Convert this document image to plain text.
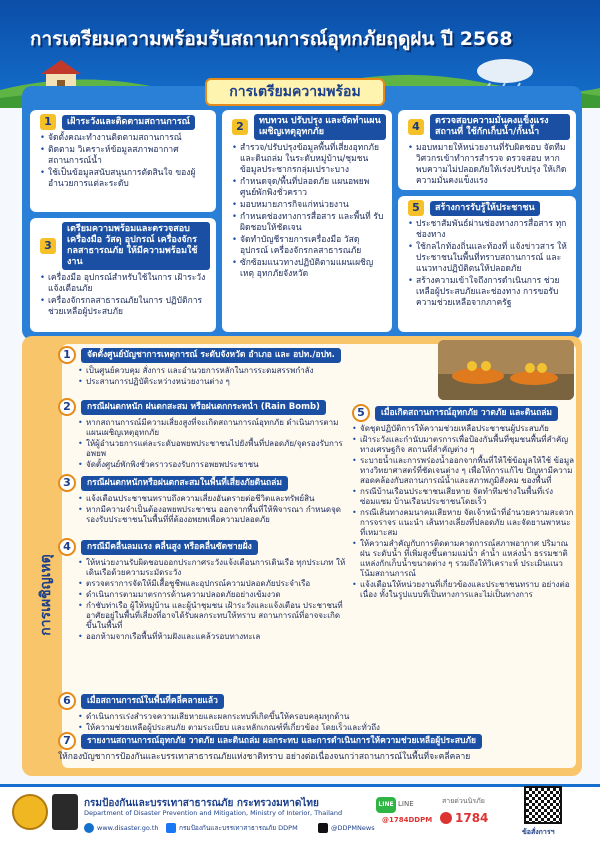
การเตรียมความพร้อมรับสถานการณ์อุทกภัยฤดูฝน ปี 2568
การเตรียมความพร้อม
1	เฝ้าระวังและติดตามสถานการณ์
• จัดตั้งคณะทำงานติดตามสถานการณ์
• ติดตาม วิเคราะห์ข้อมูลสภาพอากาศ สถานการณ์น้ำ
• ใช้เป็นข้อมูลสนับสนุนการตัดสินใจ ของผู้อำนวยการแต่ละระดับ
2	ทบทวน ปรับปรุง และจัดทำแผนเผชิญเหตุอุทกภัย
• สำรวจ/ปรับปรุงข้อมูลพื้นที่เสี่ยงอุทกภัย และดินถล่ม ในระดับหมู่บ้าน/ชุมชน ข้อมูลประชากรกลุ่มเปราะบาง
• กำหนดจุด/พื้นที่ปลอดภัย แผนอพยพ ศูนย์พักพิงชั่วคราว
• มอบหมายภารกิจแก่หน่วยงาน
• กำหนดช่องทางการสื่อสาร และพื้นที่ รับผิดชอบให้ชัดเจน
• จัดทำบัญชีรายการเครื่องมือ วัสดุ อุปกรณ์ เครื่องจักรกลสาธารณภัย
• ซักซ้อมแนวทางปฏิบัติตามแผนเผชิญเหตุ อุทกภัยจังหวัด
3
เตรียมความพร้อมและตรวจสอบเครื่องมือ วัสดุ อุปกรณ์ เครื่องจักรกลสาธารณภัย ให้มีความพร้อมใช้งาน
• เครื่องมือ อุปกรณ์สำหรับใช้ในการ เฝ้าระวังแจ้งเตือนภัย
• เครื่องจักรกลสาธารณภัยในการ ปฏิบัติการช่วยเหลือผู้ประสบภัย
4	ตรวจสอบความมั่นคงแข็งแรงสถานที่ ใช้กักเก็บน้ำ/กั้นน้ำ
• มอบหมายให้หน่วยงานที่รับผิดชอบ จัดทีมวิศวกรเข้าทำการสำรวจ ตรวจสอบ หากพบความไม่ปลอดภัยให้เร่งปรับปรุง ให้เกิดความมั่นคงแข็งแรง
5	สร้างการรับรู้ให้ประชาชน
• ประชาสัมพันธ์ผ่านช่องทางการสื่อสาร ทุกช่องทาง
• ใช้กลไกท้องถิ่นและท้องที่ แจ้งข่าวสาร ให้ประชาชนในพื้นที่ทราบสถานการณ์ และแนวทางปฏิบัติตนให้ปลอดภัย
• สร้างความเข้าใจถึงการดำเนินการ ช่วยเหลือผู้ประสบภัยและช่องทาง การขอรับความช่วยเหลือจากภาครัฐ
การเผชิญเหตุ
1	จัดตั้งศูนย์บัญชาการเหตุการณ์ ระดับจังหวัด อำเภอ และ อปท./อปท.
• เป็นศูนย์ควบคุม สั่งการ และอำนวยการหลักในการระดมสรรพกำลัง
• ประสานการปฏิบัติระหว่างหน่วยงานต่าง ๆ
2	กรณีฝนตกหนัก ฝนตกสะสม หรือฝนตกกระหน่ำ (Rain Bomb)
• หากสถานการณ์มีความเสี่ยงสูงที่จะเกิดสถานการณ์อุทกภัย ดำเนินการตามแผนเผชิญเหตุอุทกภัย
• ให้ผู้อำนวยการแต่ละระดับอพยพประชาชนไปยังพื้นที่ปลอดภัย/จุดรองรับการอพยพ
• จัดตั้งศูนย์พักพิงชั่วคราวรองรับการอพยพประชาชน
3	กรณีฝนตกหนักหรือฝนตกสะสมในพื้นที่เสี่ยงภัยดินถล่ม
• แจ้งเตือนประชาชนทราบถึงความเสี่ยงอันตรายต่อชีวิตและทรัพย์สิน
• หากมีความจำเป็นต้องอพยพประชาชน ออกจากพื้นที่ให้พิจารณา กำหนดจุดรองรับประชาชนในพื้นที่ที่ต้องอพยพเพื่อความปลอดภัย
4	กรณีมีคลื่นลมแรง คลื่นสูง หรือคลื่นซัดชายฝั่ง
• ให้หน่วยงานรับผิดชอบออกประกาศระวังแจ้งเตือนการเดินเรือ ทุกประเภท ให้เดินเรือด้วยความระมัดระวัง
• ตรวจตราการจัดให้มีเสื้อชูชีพและอุปกรณ์ความปลอดภัยประจำเรือ
• ดำเนินการตามมาตรการด้านความปลอดภัยอย่างเข้มงวด
• กำชับท่าเรือ ผู้ให้หมู่บ้าน และผู้นำชุมชน เฝ้าระวังและแจ้งเตือน ประชาชนที่อาศัยอยู่ในพื้นที่เสี่ยงที่อาจได้รับผลกระทบให้ทราบ สถานการณ์ที่อาจจะเกิดขึ้นในพื้นที่
• ออกห้ามจากเรือพื้นที่ห้ามฝังและแคล้วรอบทางทะเล
5	เมื่อเกิดสถานการณ์อุทกภัย วาตภัย และดินถล่ม
• จัดชุดปฏิบัติการให้ความช่วยเหลือประชาชนผู้ประสบภัย
• เฝ้าระวังและกำนับมาตรการเพื่อป้องกันพื้นที่ชุมชนพื้นที่สำคัญ ทางเศรษฐกิจ สถานที่สำคัญต่าง ๆ
• ระบายน้ำและการพร่องน้ำออกจากพื้นที่ให้ใช้ข้อมูลให้ใช้ ข้อมูลทางวิทยาศาสตร์ที่ชัดเจนต่าง ๆ เพื่อให้การแก้ไข ปัญหามีความสอดคล้องกับสถานการณ์น้ำและสภาพภูมิสังคม ของพื้นที่
• กรณีบ้านเรือนประชาชนเสียหาย จัดทำทีมช่างในพื้นที่เร่งซ่อมแซม บ้านเรือนประชาชนโดยเร็ว
• กรณีเส้นทางคมนาคมเสียหาย จัดเจ้าหน้าที่อำนวยความสะดวก การจราจร แนะนำ เส้นทางเลี่ยงที่ปลอดภัย และจัดยานพาหนะ ที่เหมาะสม
• ให้ความสำคัญกับการติดตามคาดการณ์สภาพอากาศ ปริมาณฝน ระดับน้ำ ที่เพิ่มสูงขึ้นตามแม่น้ำ ลำน้ำ แหล่งน้ำ ธรรมชาติ แหล่งกักเก็บน้ำขนาดต่าง ๆ รวมถึงให้วิเคราะห์ ประเมินแนวโน้มสถานการณ์
• แจ้งเตือนให้หน่วยงานที่เกี่ยวข้องและประชาชนทราบ อย่างต่อเนื่อง ทั้งในรูปแบบที่เป็นทางการและไม่เป็นทางการ
6	เมื่อสถานการณ์ในพื้นที่คลี่คลายแล้ว
• ดำเนินการเร่งสำรวจความเสียหายและผลกระทบที่เกิดขึ้นให้ครอบคลุมทุกด้าน
• ให้ความช่วยเหลือผู้ประสบภัย ตามระเบียบ และหลักเกณฑ์ที่เกี่ยวข้อง โดยเร็วและทั่วถึง
7	รายงานสถานการณ์อุทกภัย วาตภัย และดินถล่ม ผลกระทบ และการดำเนินการให้ความช่วยเหลือผู้ประสบภัย
ให้กองบัญชาการป้องกันและบรรเทาสาธารณภัยแห่งชาติทราบ อย่างต่อเนื่องจนกว่าสถานการณ์ในพื้นที่จะคลี่คลาย
กรมป้องกันและบรรเทาสาธารณภัย กระทรวงมหาดไทย
Department of Disaster Prevention and Mitigation, Ministry of Interior, Thailand
www.disaster.go.th	กรมป้องกันและบรรเทาสาธารณภัย DDPM	@DDPMNews
LINE LINE
@1784DDPM
สายด่วนนิรภัย
1784
ข้อสั่งการฯ
